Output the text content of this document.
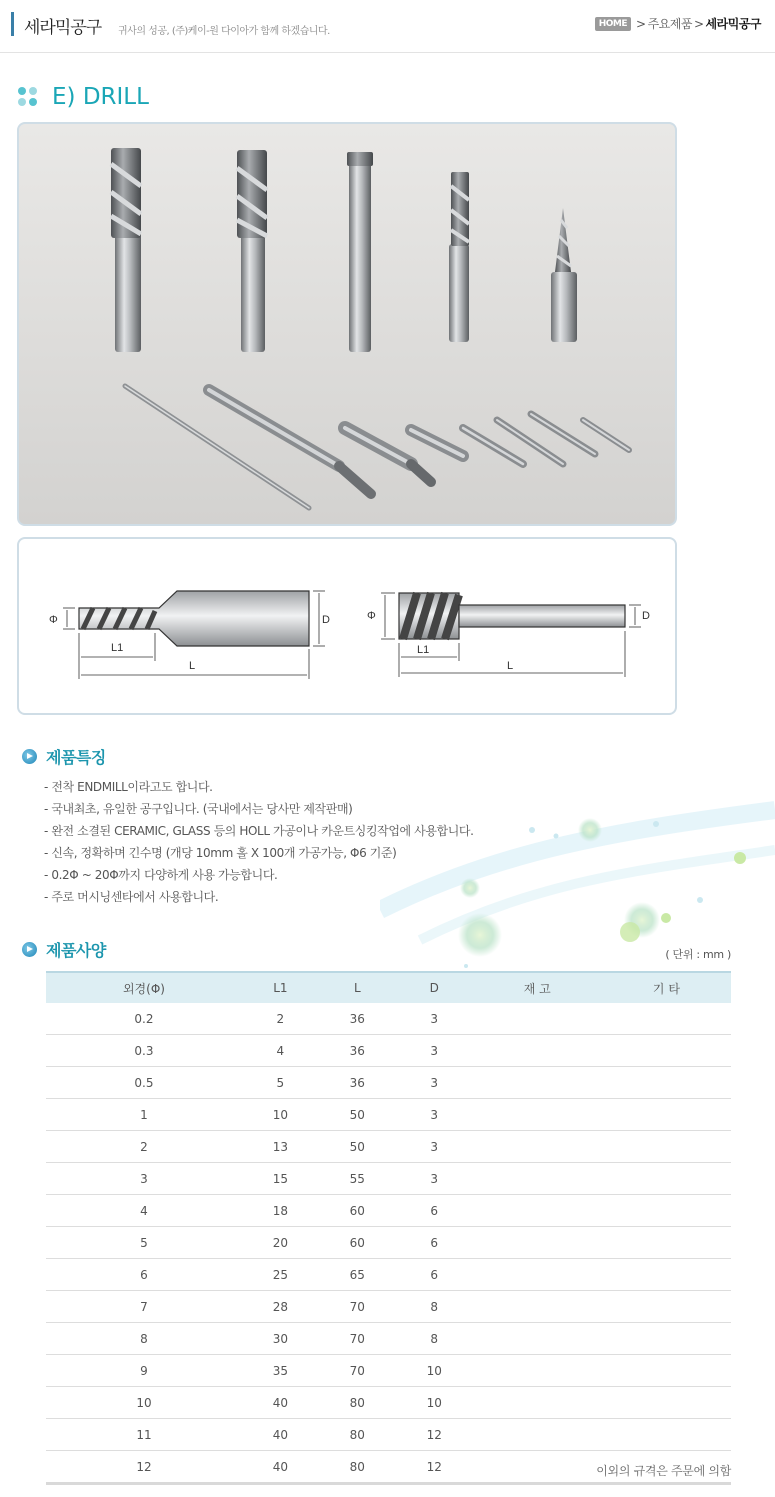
세라믹공구 귀사의 성공, (주)케이-원 다이아가 함께 하겠습니다.
HOME > 주요제품 > 세라믹공구
E) DRILL
Φ
L1
L
D	Φ
L1
L
D
제품특징
- 전착 ENDMILL이라고도 합니다.
- 국내최초, 유일한 공구입니다. (국내에서는 당사만 제작판매)
- 완전 소결된 CERAMIC, GLASS 등의 HOLL 가공이나 카운트싱킹작업에 사용합니다.
- 신속, 정확하며 긴수명 (개당 10mm 홀 X 100개 가공가능, Φ6 기준)
- 0.2Φ ~ 20Φ까지 다양하게 사용 가능합니다.
- 주로 머시닝센타에서 사용합니다.
제품사양	( 단위 : mm )
외경(Φ)	L1	L	D	재 고	기 타
0.2	2	36	3		
0.3	4	36	3		
0.5	5	36	3		
1	10	50	3		
2	13	50	3		
3	15	55	3		
4	18	60	6		
5	20	60	6		
6	25	65	6		
7	28	70	8		
8	30	70	8		
9	35	70	10		
10	40	80	10		
11	40	80	12		
12	40	80	12			이외의 규격은 주문에 의함
